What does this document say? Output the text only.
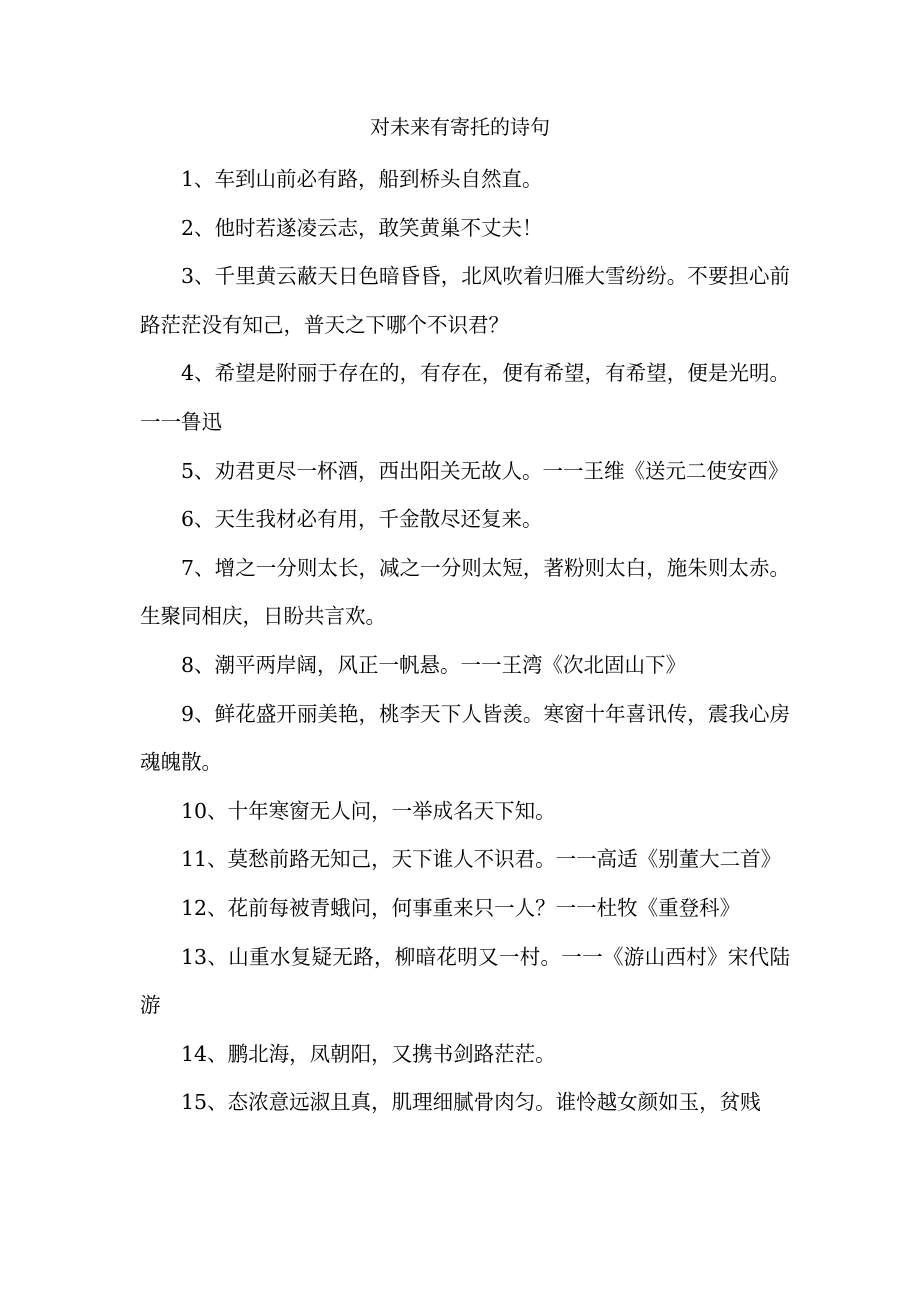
对未来有寄托的诗句

1、车到山前必有路，船到桥头自然直。

2、他时若遂凌云志，敢笑黄巢不丈夫！

3、千里黄云蔽天日色暗昏昏，北风吹着归雁大雪纷纷。不要担心前路茫茫没有知己，普天之下哪个不识君？

4、希望是附丽于存在的，有存在，便有希望，有希望，便是光明。一一鲁迅

5、劝君更尽一杯酒，西出阳关无故人。一一王维《送元二使安西》

6、天生我材必有用，千金散尽还复来。

7、增之一分则太长，减之一分则太短，著粉则太白，施朱则太赤。生聚同相庆，日盼共言欢。

8、潮平两岸阔，风正一帆悬。一一王湾《次北固山下》

9、鲜花盛开丽美艳，桃李天下人皆羡。寒窗十年喜讯传，震我心房魂魄散。

10、十年寒窗无人问，一举成名天下知。

11、莫愁前路无知己，天下谁人不识君。一一高适《别董大二首》

12、花前每被青蛾问，何事重来只一人？一一杜牧《重登科》

13、山重水复疑无路，柳暗花明又一村。一一《游山西村》宋代陆游

14、鹏北海，凤朝阳，又携书剑路茫茫。

15、态浓意远淑且真，肌理细腻骨肉匀。谁怜越女颜如玉，贫贱
